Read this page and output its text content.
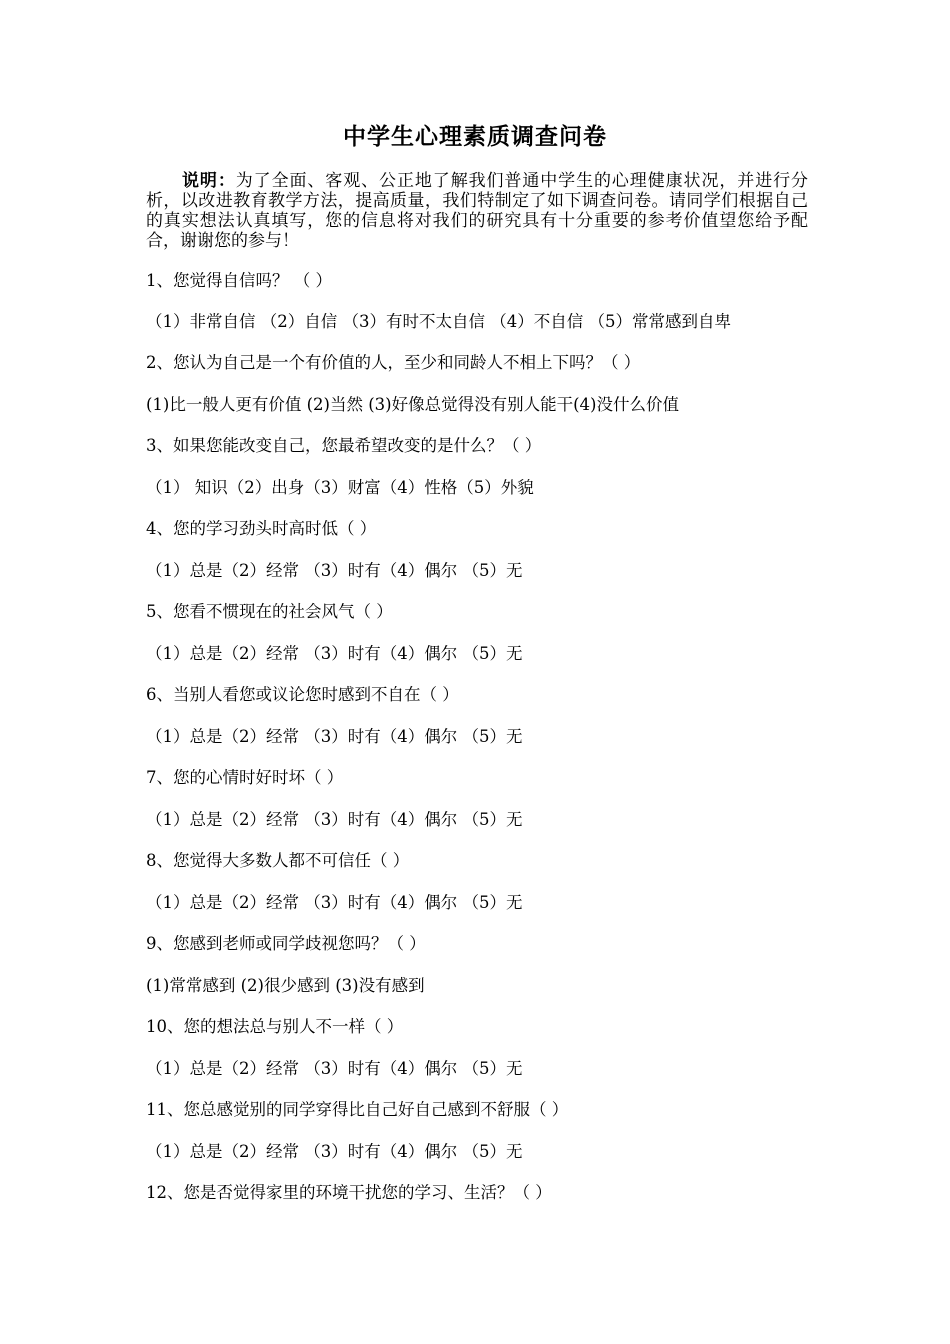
中学生心理素质调查问卷
说明：为了全面、客观、公正地了解我们普通中学生的心理健康状况，并进行分析，以改进教育教学方法，提高质量，我们特制定了如下调查问卷。请同学们根据自己的真实想法认真填写，您的信息将对我们的研究具有十分重要的参考价值望您给予配合，谢谢您的参与！
1、您觉得自信吗？ （ ）
（1）非常自信 （2）自信 （3）有时不太自信 （4）不自信 （5）常常感到自卑
2、您认为自己是一个有价值的人，至少和同龄人不相上下吗？（ ）
(1)比一般人更有价值 (2)当然 (3)好像总觉得没有别人能干(4)没什么价值
3、如果您能改变自己，您最希望改变的是什么？（ ）
（1） 知识（2）出身（3）财富（4）性格（5）外貌
4、您的学习劲头时高时低（ ）
（1）总是（2）经常 （3）时有（4）偶尔 （5）无
5、您看不惯现在的社会风气（ ）
（1）总是（2）经常 （3）时有（4）偶尔 （5）无
6、当别人看您或议论您时感到不自在（ ）
（1）总是（2）经常 （3）时有（4）偶尔 （5）无
7、您的心情时好时坏（ ）
（1）总是（2）经常 （3）时有（4）偶尔 （5）无
8、您觉得大多数人都不可信任（ ）
（1）总是（2）经常 （3）时有（4）偶尔 （5）无
9、您感到老师或同学歧视您吗？（ ）
(1)常常感到 (2)很少感到 (3)没有感到
10、您的想法总与别人不一样（ ）
（1）总是（2）经常 （3）时有（4）偶尔 （5）无
11、您总感觉别的同学穿得比自己好自己感到不舒服（ ）
（1）总是（2）经常 （3）时有（4）偶尔 （5）无
12、您是否觉得家里的环境干扰您的学习、生活？（ ）
